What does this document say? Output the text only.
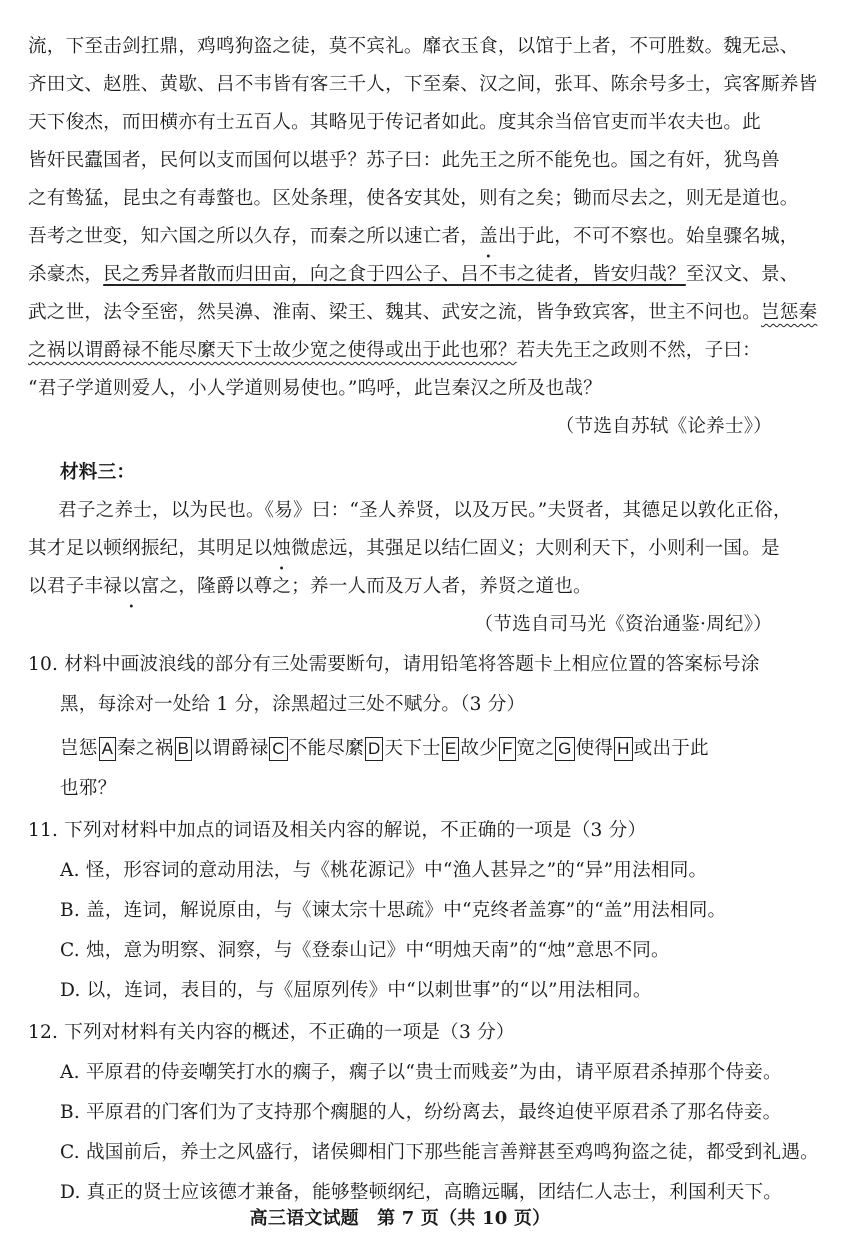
流，下至击剑扛鼎，鸡鸣狗盗之徒，莫不宾礼。靡衣玉食，以馆于上者，不可胜数。魏无忌、
齐田文、赵胜、黄歇、吕不韦皆有客三千人，下至秦、汉之间，张耳、陈余号多士，宾客厮养皆
天下俊杰，而田横亦有士五百人。其略见于传记者如此。度其余当倍官吏而半农夫也。此
皆奸民蠹国者，民何以支而国何以堪乎？苏子曰：此先王之所不能免也。国之有奸，犹鸟兽
之有鸷猛，昆虫之有毒螫也。区处条理，使各安其处，则有之矣；锄而尽去之，则无是道也。
吾考之世变，知六国之所以久存，而秦之所以速亡者，盖出于此，不可不察也。始皇骤名城，
杀豪杰，民之秀异者散而归田亩，向之食于四公子、吕不韦之徒者，皆安归哉？至汉文、景、
武之世，法令至密，然吴濞、淮南、梁王、魏其、武安之流，皆争致宾客，世主不问也。岂惩秦
之祸以谓爵禄不能尽縻天下士故少宽之使得或出于此也邪？若夫先王之政则不然，子曰：
“君子学道则爱人，小人学道则易使也。”呜呼，此岂秦汉之所及也哉？
（节选自苏轼《论养士》）
材料三：
君子之养士，以为民也。《易》曰：“圣人养贤，以及万民。”夫贤者，其德足以敦化正俗，
其才足以顿纲振纪，其明足以烛微虑远，其强足以结仁固义；大则利天下，小则利一国。是
以君子丰禄以富之，隆爵以尊之；养一人而及万人者，养贤之道也。
（节选自司马光《资治通鉴·周纪》）
10. 材料中画波浪线的部分有三处需要断句，请用铅笔将答题卡上相应位置的答案标号涂
黑，每涂对一处给 1 分，涂黑超过三处不赋分。（3 分）
岂惩 A 秦之祸 B 以谓爵禄 C 不能尽縻 D 天下士 E 故少 F 宽之 G 使得 H 或出于此
也邪？
11. 下列对材料中加点的词语及相关内容的解说，不正确的一项是（3 分）
A. 怪，形容词的意动用法，与《桃花源记》中“渔人甚异之”的“异”用法相同。
B. 盖，连词，解说原由，与《谏太宗十思疏》中“克终者盖寡”的“盖”用法相同。
C. 烛，意为明察、洞察，与《登泰山记》中“明烛天南”的“烛”意思不同。
D. 以，连词，表目的，与《屈原列传》中“以刺世事”的“以”用法相同。
12. 下列对材料有关内容的概述，不正确的一项是（3 分）
A. 平原君的侍妾嘲笑打水的瘸子，瘸子以“贵士而贱妾”为由，请平原君杀掉那个侍妾。
B. 平原君的门客们为了支持那个瘸腿的人，纷纷离去，最终迫使平原君杀了那名侍妾。
C. 战国前后，养士之风盛行，诸侯卿相门下那些能言善辩甚至鸡鸣狗盗之徒，都受到礼遇。
D. 真正的贤士应该德才兼备，能够整顿纲纪，高瞻远瞩，团结仁人志士，利国利天下。
高三语文试题　第 7 页（共 10 页）
